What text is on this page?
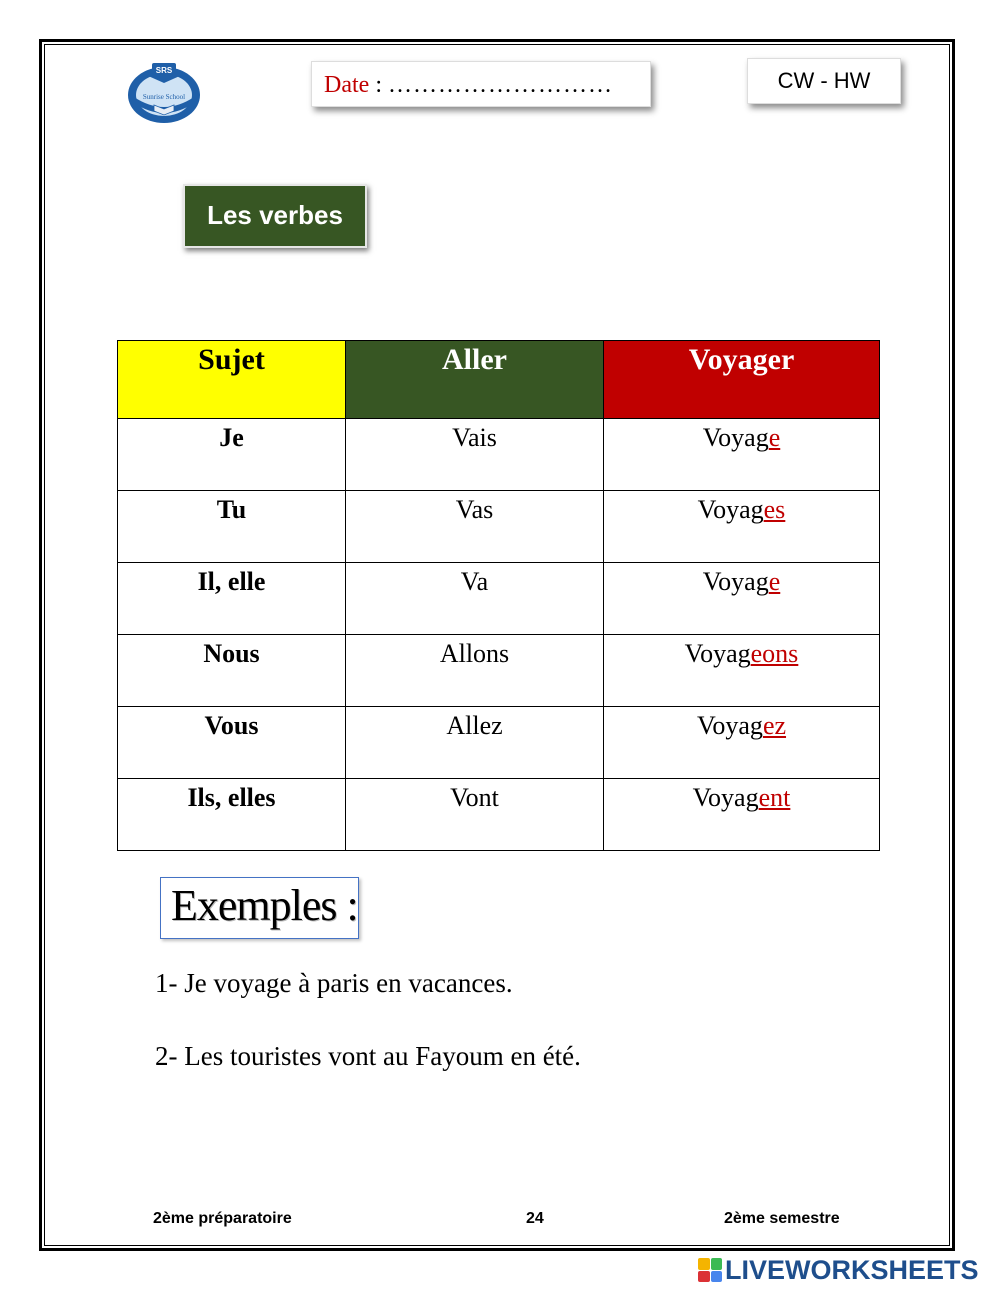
SRS
Sunrise School	Date : ………………………	CW - HW
Les verbes
Sujet	Aller	Voyager
Je	Vais	Voyage
Tu	Vas	Voyages
Il, elle	Va	Voyage
Nous	Allons	Voyageons
Vous	Allez	Voyagez
Ils, elles	Vont	Voyagent
Exemples :
1- Je voyage à paris en vacances.
2- Les touristes vont au Fayoum en été.
2ème préparatoire	24	2ème semestre
LIVEWORKSHEETS
